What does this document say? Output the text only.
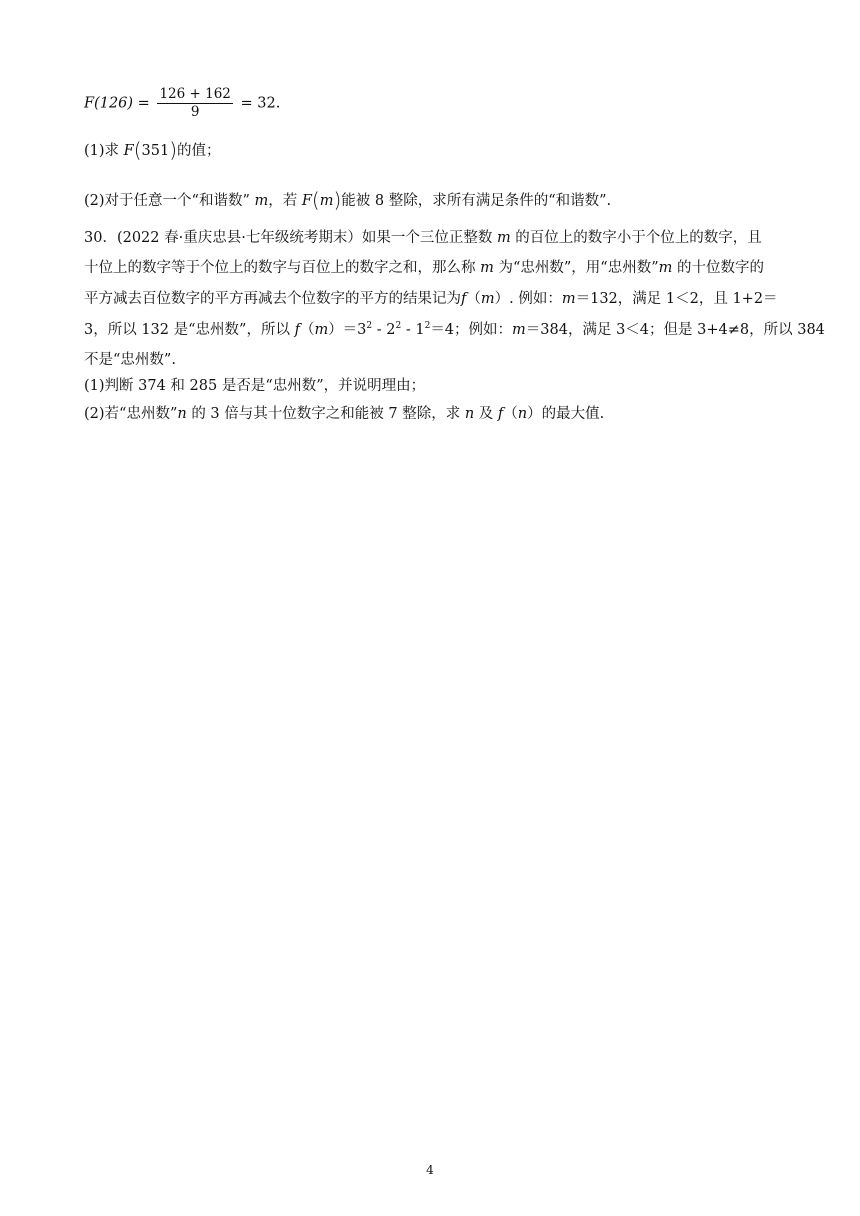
$F(126) = \frac{126 + 162}{9} = 32$.
(1)求 F(351)的值；
(2)对于任意一个“和谐数” m，若 F(m)能被 8 整除，求所有满足条件的“和谐数”.
30．(2022 春·重庆忠县·七年级统考期末）如果一个三位正整数 m 的百位上的数字小于个位上的数字，且
十位上的数字等于个位上的数字与百位上的数字之和，那么称 m 为“忠州数”，用“忠州数”m 的十位数字的
平方减去百位数字的平方再减去个位数字的平方的结果记为f（m）. 例如：m＝132，满足 1＜2，且 1+2＝
3，所以 132 是“忠州数”，所以 $f(m)=3^2 - 2^2 - 1^2=4$；例如：m＝384，满足 3＜4；但是 3+4≠8，所以 384
不是“忠州数”.
(1)判断 374 和 285 是否是“忠州数”，并说明理由；
(2)若“忠州数”n 的 3 倍与其十位数字之和能被 7 整除，求 n 及 f（n）的最大值.
4
